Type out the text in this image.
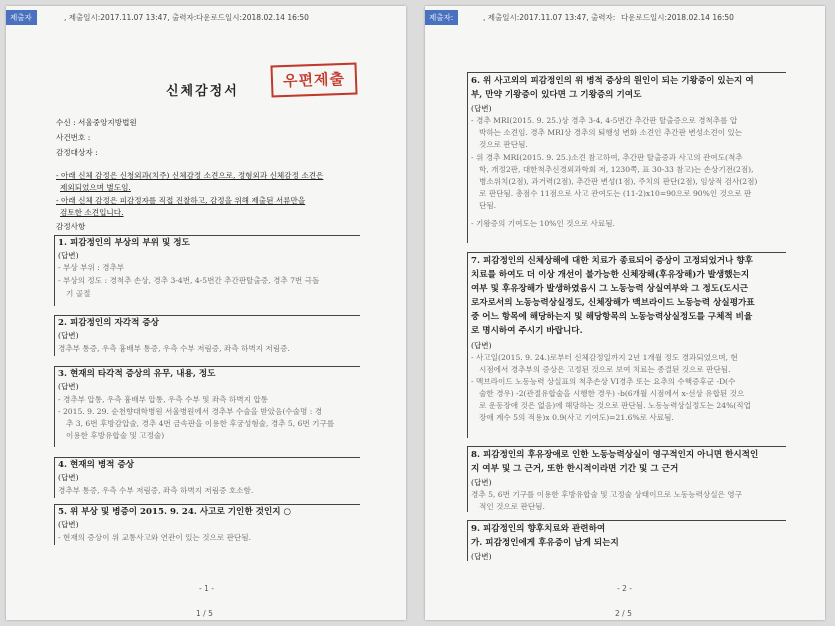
제출자	, 제출일시:2017.11.07 13:47, 출력자: 다운로드일시:2018.02.14 16:50
신체감정서
우편제출
수신 : 서울중앙지방법원
사건번호 :
감정대상자 :
- 아래 신체 감정은 신청외과(치주) 신체감정 소견으로, 정형외과 신체감정 소견은
제외되었으며 별도임.
- 아래 신체 감정은 피감정자를 직접 진찰하고, 감정을 위해 제출된 서류만을
검토한 소견입니다.
감정사항
1. 피감정인의 부상의 부위 및 정도
(답변)
- 부상 부위 : 경추부
- 부상의 정도 : 경척추 손상, 경추 3-4번, 4-5번간 추간판탈출증, 경추 7번 극돌
기 골절
2. 피감정인의 자각적 증상
(답변)
경추부 통증, 우측 흉배부 통증, 우측 수부 저림증, 좌측 하벽지 저림증.
3. 현재의 타각적 증상의 유무, 내용, 정도
(답변)
- 경추부 압통, 우측 흉배부 압통, 우측 수부 및 좌측 하벽지 압통
- 2015. 9. 29. 순천향대학병원 서울병원에서 경추부 수술을 받았음(수술명 : 경
추 3, 6번 후방감압술, 경추 4번 금속판을 이용한 후궁성형술, 경추 5, 6번 기구를
이용한 후방유합술 및 고정술)
4. 현재의 병적 증상
(답변)
경추부 통증, 우측 수부 저림증, 좌측 하벽지 저림증 호소함.
5. 위 부상 및 병증이 2015. 9. 24. 사고로 기인한 것인지 ○
(답변)
- 현재의 증상이 위 교통사고와 연관이 있는 것으로 판단됨.
- 1 -
1 / 5
제출자:	, 제출일시:2017.11.07 13:47, 출력자: 다운로드일시:2018.02.14 16:50
6. 위 사고외의 피감정인의 위 병적 증상의 원인이 되는 기왕증이 있는지 여
부, 만약 기왕증이 있다면 그 기왕증의 기여도
(답변)
- 경추 MRI(2015. 9. 25.)상 경추 3-4, 4-5번간 추간판 탈출증으로 경척추를 압
박하는 소견임. 경추 MRI상 경추의 퇴행성 변화 소견인 추간판 변성소견이 있는
것으로 판단됨.
- 위 경추 MRI(2015. 9. 25.)소견 참고하여, 추간판 탈출증과 사고의 관여도(척추
학, 개정2판, 대한척추신경외과학회 저, 1230쪽, 표 30-33 참고)는 손상기전(2점),
병소위치(2점), 과거력(2점), 추간판 변성(1점), 주치의 판단(2점), 임상적 검사(2점)
로 판단됨. 총점수 11점으로 사고 관여도는 (11-2)x10=90으로 90%인 것으로 판
단됨.
- 기왕증의 기여도는 10%인 것으로 사료됨.
7. 피감정인의 신체상해에 대한 치료가 종료되어 증상이 고정되었거나 향후
치료를 하여도 더 이상 개선이 불가능한 신체장해(후유장해)가 발생했는지
여부 및 후유장해가 발생하였음시 그 노동능력 상실여부와 그 정도(도시근
로자로서의 노동능력상실정도, 신체장해가 맥브라이드 노동능력 상실평가표
중 어느 항목에 해당하는지 및 해당항목의 노동능력상실정도를 구체적 비율
로 명시하여 주시기 바랍니다.
(답변)
- 사고일(2015. 9. 24.)로부터 신체감정일까지 2년 1개월 정도 경과되었으며, 현
시점에서 경추부의 증상은 고정된 것으로 보여 치료는 종결된 것으로 판단됨.
- 맥브라이드 노동능력 상실표의 척추손상 VI경추 또는 요추의 수핵증후군 -D(수
술한 경우) -2(관절유합술을 시행한 경우) -b(6개월 시점에서 x-선상 유합된 것으
로 운동장애 것은 없음)에 해당하는 것으로 판단됨. 노동능력상실정도는 24%(직업
장애 계수 5의 적용)x 0.9(사고 기여도)=21.6%로 사료됨.
8. 피감정인의 후유장애로 인한 노동능력상실이 영구적인지 아니면 한시적인
지 여부 및 그 근거, 또한 한시적이라면 기간 및 그 근거
(답변)
경추 5, 6번 기구를 이용한 후방유합술 및 고정술 상태이므로 노동능력상실은 영구
적인 것으로 판단됨.
9. 피감정인의 향후치료와 관련하여
가. 피감정인에게 후유증이 남게 되는지
(답변)
- 2 -
2 / 5
